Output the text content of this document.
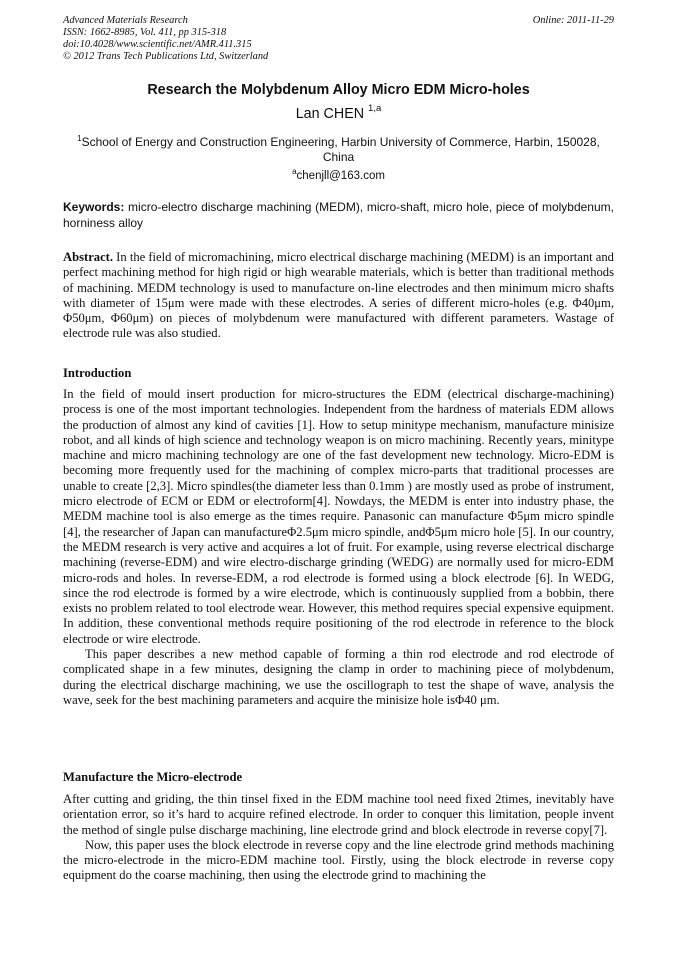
Advanced Materials Research
ISSN: 1662-8985, Vol. 411, pp 315-318
doi:10.4028/www.scientific.net/AMR.411.315
© 2012 Trans Tech Publications Ltd, Switzerland
Online: 2011-11-29
Research the Molybdenum Alloy Micro EDM Micro-holes
Lan CHEN $^{1,a}$
$^1$School of Energy and Construction Engineering, Harbin University of Commerce, Harbin, 150028, China
$^a$chenjll@163.com
Keywords: micro-electro discharge machining (MEDM), micro-shaft, micro hole, piece of molybdenum, horniness alloy

Abstract. In the field of micromachining, micro electrical discharge machining (MEDM) is an important and perfect machining method for high rigid or high wearable materials, which is better than traditional methods of machining. MEDM technology is used to manufacture on-line electrodes and then minimum micro shafts with diameter of 15μm were made with these electrodes. A series of different micro-holes (e.g. Φ40μm, Φ50μm, Φ60μm) on pieces of molybdenum were manufactured with different parameters. Wastage of electrode rule was also studied.

Introduction

In the field of mould insert production for micro-structures the EDM (electrical discharge-machining) process is one of the most important technologies. Independent from the hardness of materials EDM allows the production of almost any kind of cavities [1]. How to setup minitype mechanism, manufacture minisize robot, and all kinds of high science and technology weapon is on micro machining. Recently years, minitype machine and micro machining technology are one of the fast development new technology. Micro-EDM is becoming more frequently used for the machining of complex micro-parts that traditional processes are unable to create [2,3]. Micro spindles(the diameter less than 0.1mm ) are mostly used as probe of instrument, micro electrode of ECM or EDM or electroform[4]. Nowdays, the MEDM is enter into industry phase, the MEDM machine tool is also emerge as the times require. Panasonic can manufacture Φ5μm micro spindle [4], the researcher of Japan can manufactureΦ2.5μm micro spindle, andΦ5μm micro hole [5]. In our country, the MEDM research is very active and acquires a lot of fruit. For example, using reverse electrical discharge machining (reverse-EDM) and wire electro-discharge grinding (WEDG) are normally used for micro-EDM micro-rods and holes. In reverse-EDM, a rod electrode is formed using a block electrode [6]. In WEDG, since the rod electrode is formed by a wire electrode, which is continuously supplied from a bobbin, there exists no problem related to tool electrode wear. However, this method requires special expensive equipment. In addition, these conventional methods require positioning of the rod electrode in reference to the block electrode or wire electrode.

This paper describes a new method capable of forming a thin rod electrode and rod electrode of complicated shape in a few minutes, designing the clamp in order to machining piece of molybdenum, during the electrical discharge machining, we use the oscillograph to test the shape of wave, analysis the wave, seek for the best machining parameters and acquire the minisize hole isΦ40 μm.

Manufacture the Micro-electrode

After cutting and griding, the thin tinsel fixed in the EDM machine tool need fixed 2times, inevitably have orientation error, so it’s hard to acquire refined electrode. In order to conquer this limitation, people invent the method of single pulse discharge machining, line electrode grind and block electrode in reverse copy[7].

Now, this paper uses the block electrode in reverse copy and the line electrode grind methods machining the micro-electrode in the micro-EDM machine tool. Firstly, using the block electrode in reverse copy equipment do the coarse machining, then using the electrode grind to machining the
